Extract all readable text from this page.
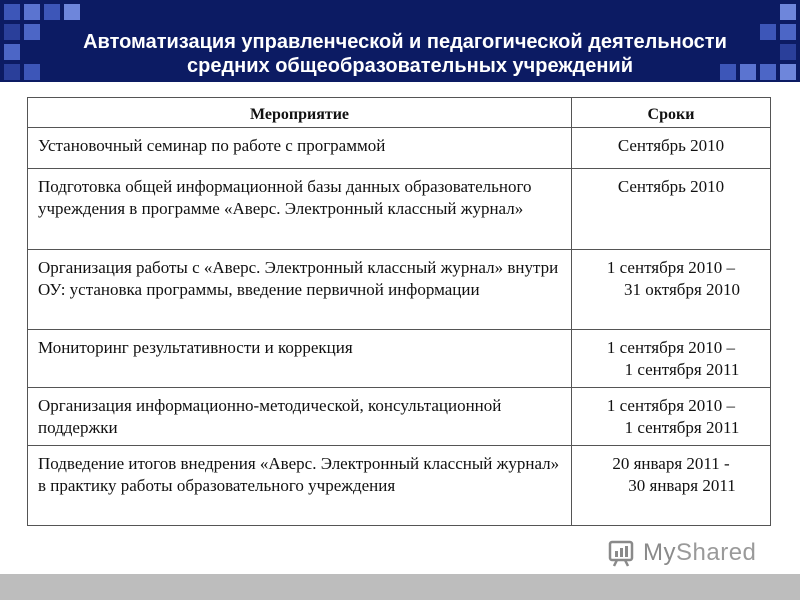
Автоматизация управленческой и педагогической деятельности
средних общеобразовательных учреждений
Мероприятие	Сроки
Установочный семинар по работе с программой	Сентябрь 2010

Подготовка общей информационной базы данных образовательного учреждения в программе «Аверс. Электронный классный журнал»	Сентябрь 2010

Организация работы с «Аверс. Электронный классный журнал» внутри ОУ: установка программы, введение первичной информации	1 сентября 2010 –
31 октября 2010

Мониторинг результативности и коррекция	1 сентября 2010 –
1 сентября 2011

Организация информационно-методической, консультационной поддержки	1 сентября 2010 –
1 сентября 2011

Подведение итогов внедрения «Аверс. Электронный классный журнал» в практику работы образовательного учреждения	20 января 2011 -
30 января 2011
MyShared
